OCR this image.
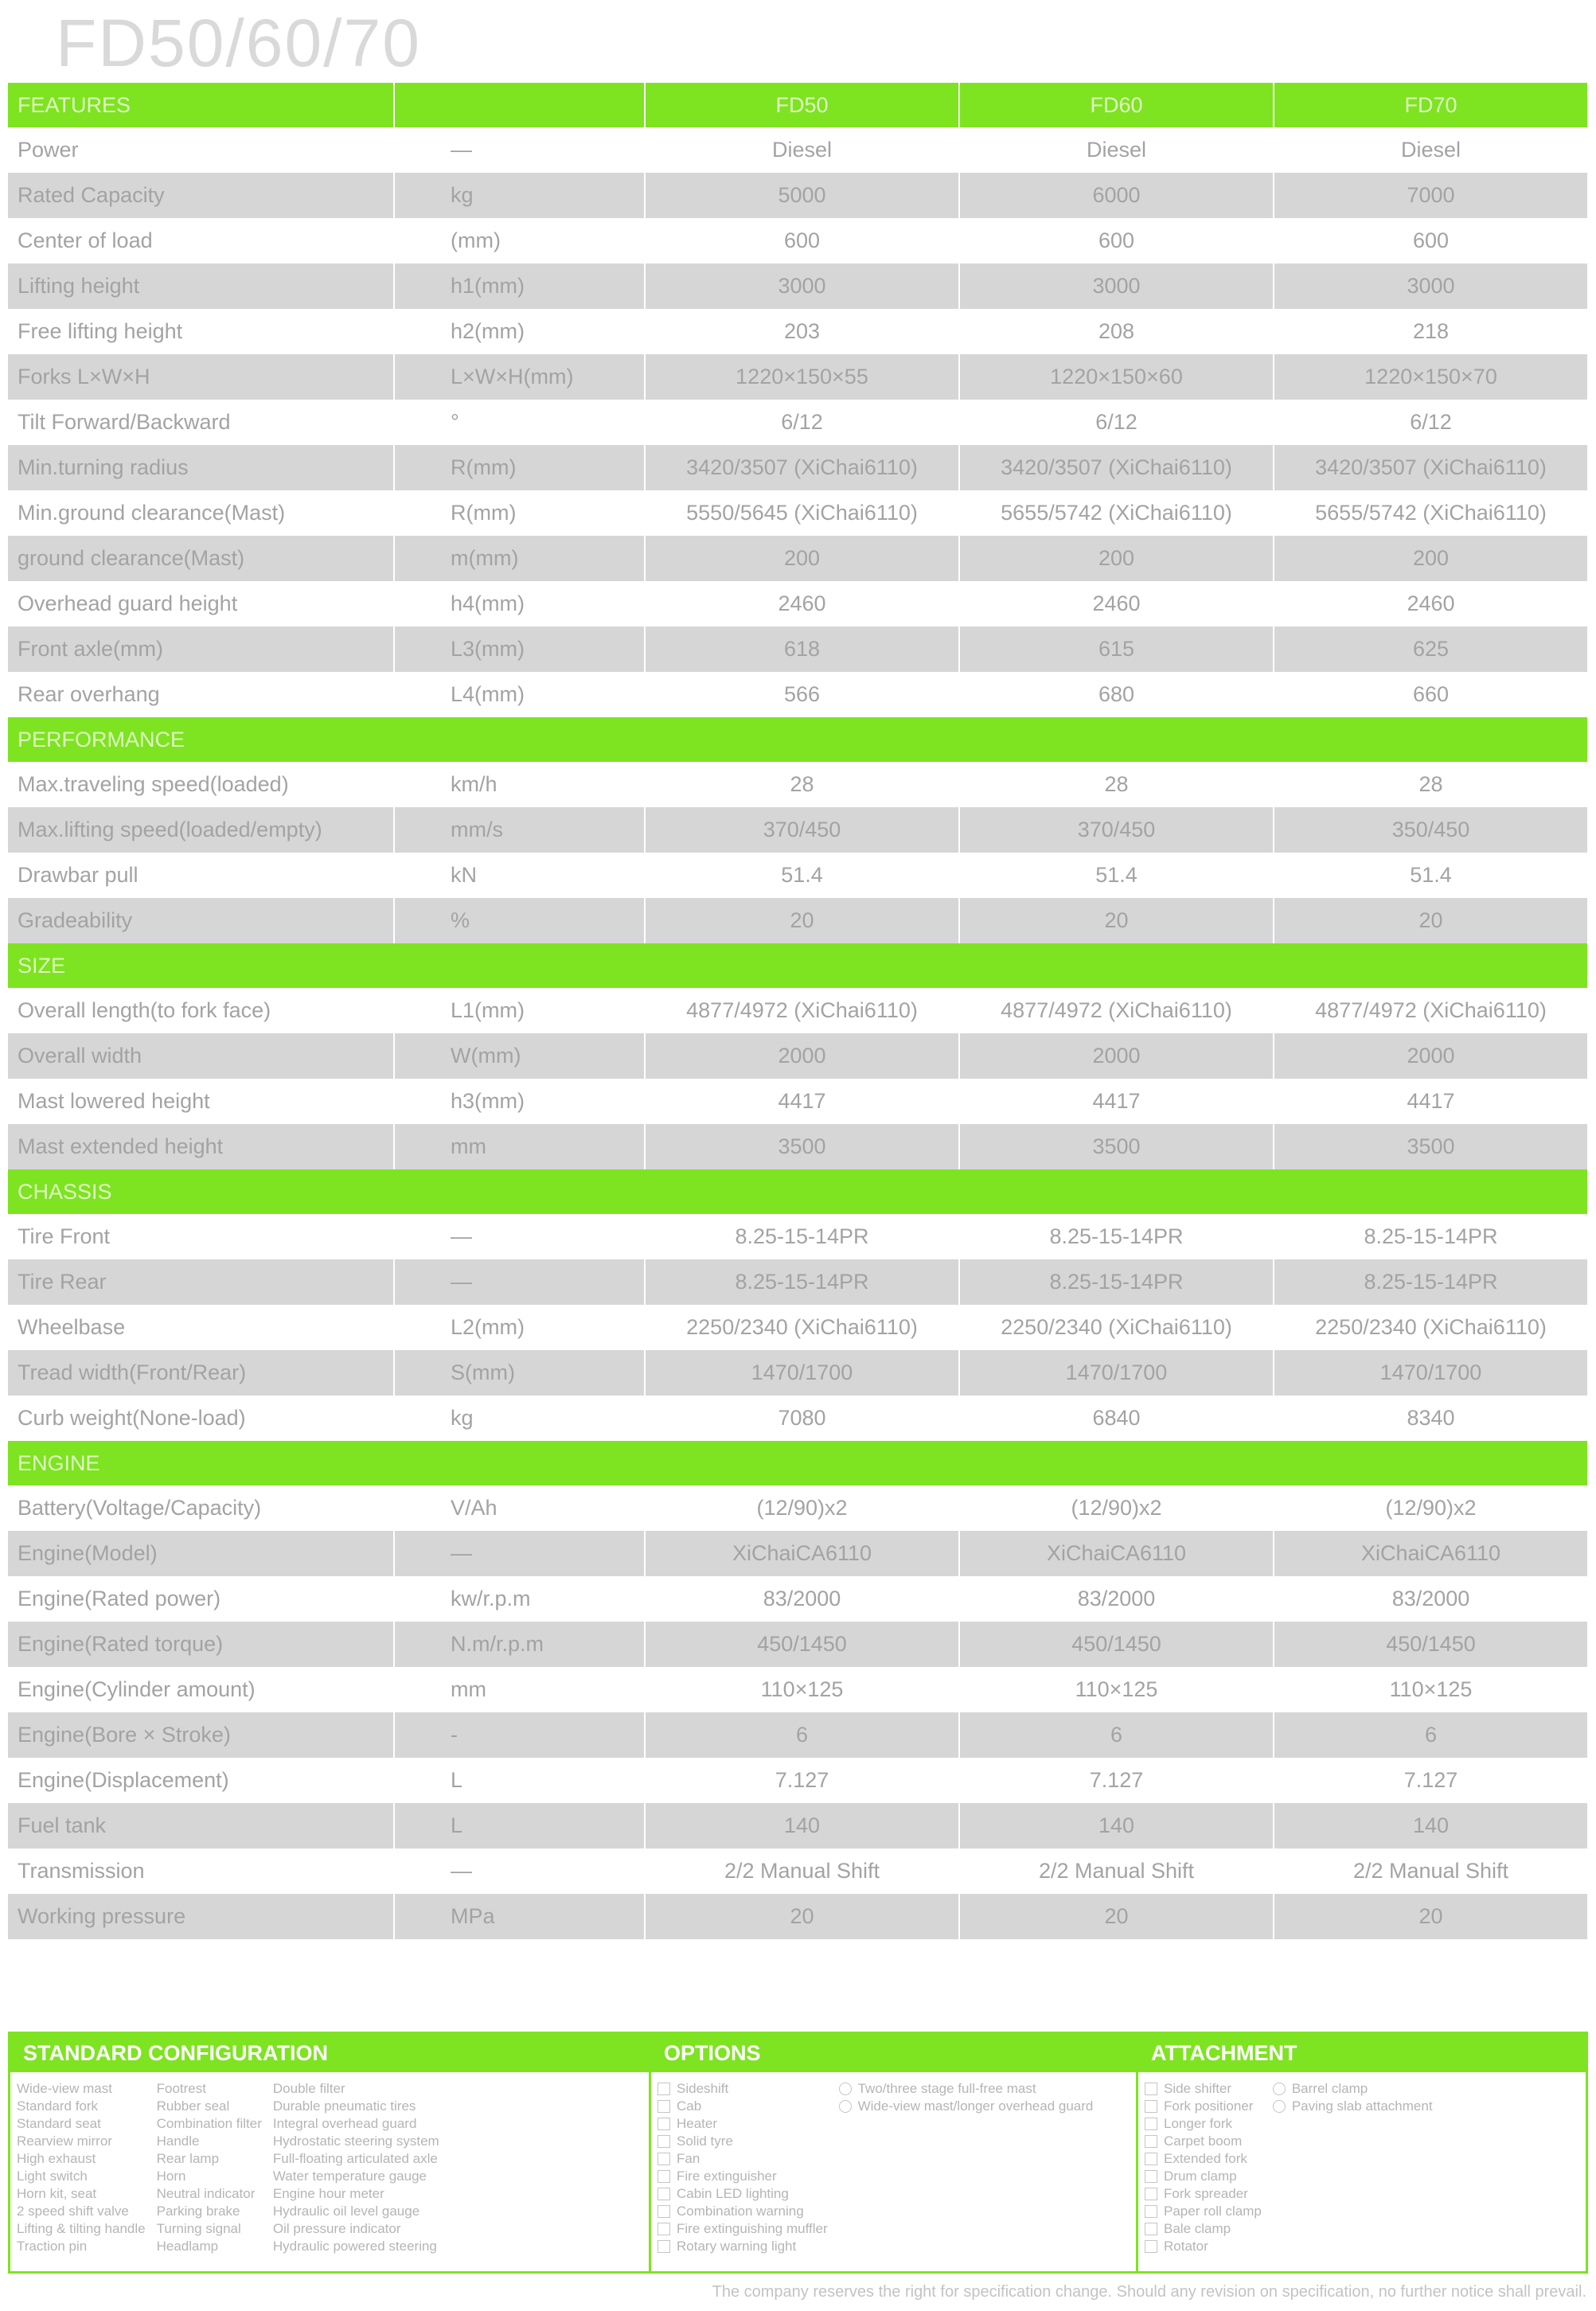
FD50/60/70
FEATURES		FD50	FD60	FD70
Power	—	Diesel	Diesel	Diesel
Rated Capacity	kg	5000	6000	7000
Center of load	(mm)	600	600	600
Lifting height	h1(mm)	3000	3000	3000
Free lifting height	h2(mm)	203	208	218
Forks L×W×H	L×W×H(mm)	1220×150×55	1220×150×60	1220×150×70
Tilt Forward/Backward	°	6/12	6/12	6/12
Min.turning radius	R(mm)	3420/3507 (XiChai6110)	3420/3507 (XiChai6110)	3420/3507 (XiChai6110)
Min.ground clearance(Mast)	R(mm)	5550/5645 (XiChai6110)	5655/5742 (XiChai6110)	5655/5742 (XiChai6110)
ground clearance(Mast)	m(mm)	200	200	200
Overhead guard height	h4(mm)	2460	2460	2460
Front axle(mm)	L3(mm)	618	615	625
Rear overhang	L4(mm)	566	680	660
PERFORMANCE				
Max.traveling speed(loaded)	km/h	28	28	28
Max.lifting speed(loaded/empty)	mm/s	370/450	370/450	350/450
Drawbar pull	kN	51.4	51.4	51.4
Gradeability	%	20	20	20
SIZE				
Overall length(to fork face)	L1(mm)	4877/4972 (XiChai6110)	4877/4972 (XiChai6110)	4877/4972 (XiChai6110)
Overall width	W(mm)	2000	2000	2000
Mast lowered height	h3(mm)	4417	4417	4417
Mast extended height	mm	3500	3500	3500
CHASSIS				
Tire Front	—	8.25-15-14PR	8.25-15-14PR	8.25-15-14PR
Tire Rear	—	8.25-15-14PR	8.25-15-14PR	8.25-15-14PR
Wheelbase	L2(mm)	2250/2340 (XiChai6110)	2250/2340 (XiChai6110)	2250/2340 (XiChai6110)
Tread width(Front/Rear)	S(mm)	1470/1700	1470/1700	1470/1700
Curb weight(None-load)	kg	7080	6840	8340
ENGINE				
Battery(Voltage/Capacity)	V/Ah	(12/90)x2	(12/90)x2	(12/90)x2
Engine(Model)	—	XiChaiCA6110	XiChaiCA6110	XiChaiCA6110
Engine(Rated power)	kw/r.p.m	83/2000	83/2000	83/2000
Engine(Rated torque)	N.m/r.p.m	450/1450	450/1450	450/1450
Engine(Cylinder amount)	mm	110×125	110×125	110×125
Engine(Bore × Stroke)	-	6	6	6
Engine(Displacement)	L	7.127	7.127	7.127
Fuel tank	L	140	140	140
Transmission	—	2/2 Manual Shift	2/2 Manual Shift	2/2 Manual Shift
Working pressure	MPa	20	20	20
STANDARD CONFIGURATION
Wide-view mast
Standard fork
Standard seat
Rearview mirror
High exhaust
Light switch
Horn kit, seat
2 speed shift valve
Lifting & tilting handle
Traction pin
Footrest
Rubber seal
Combination filter
Handle
Rear lamp
Horn
Neutral indicator
Parking brake
Turning signal
Headlamp
Double filter
Durable pneumatic tires
Integral overhead guard
Hydrostatic steering system
Full-floating articulated axle
Water temperature gauge
Engine hour meter
Hydraulic oil level gauge
Oil pressure indicator
Hydraulic powered steering
OPTIONS
Sideshift
Cab
Heater
Solid tyre
Fan
Fire extinguisher
Cabin LED lighting
Combination warning
Fire extinguishing muffler
Rotary warning light
Two/three stage full-free mast
Wide-view mast/longer overhead guard
ATTACHMENT
Side shifter
Fork positioner
Longer fork
Carpet boom
Extended fork
Drum clamp
Fork spreader
Paper roll clamp
Bale clamp
Rotator
Barrel clamp
Paving slab attachment
The company reserves the right for specification change. Should any revision on specification, no further notice shall prevail.
